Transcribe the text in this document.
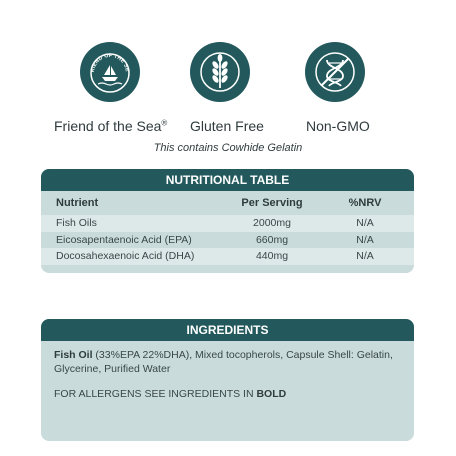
RIEND OF THE SE
Friend of the Sea® Gluten Free	Non-GMO
This contains Cowhide Gelatin
NUTRITIONAL TABLE
Nutrient	Per Serving	%NRV
Fish Oils	2000mg	N/A
Eicosapentaenoic Acid (EPA)	660mg	N/A
Docosahexaenoic Acid (DHA)	440mg	N/A
INGREDIENTS

Fish Oil (33%EPA 22%DHA), Mixed tocopherols, Capsule Shell: Gelatin, Glycerine, Purified Water

FOR ALLERGENS SEE INGREDIENTS IN BOLD
